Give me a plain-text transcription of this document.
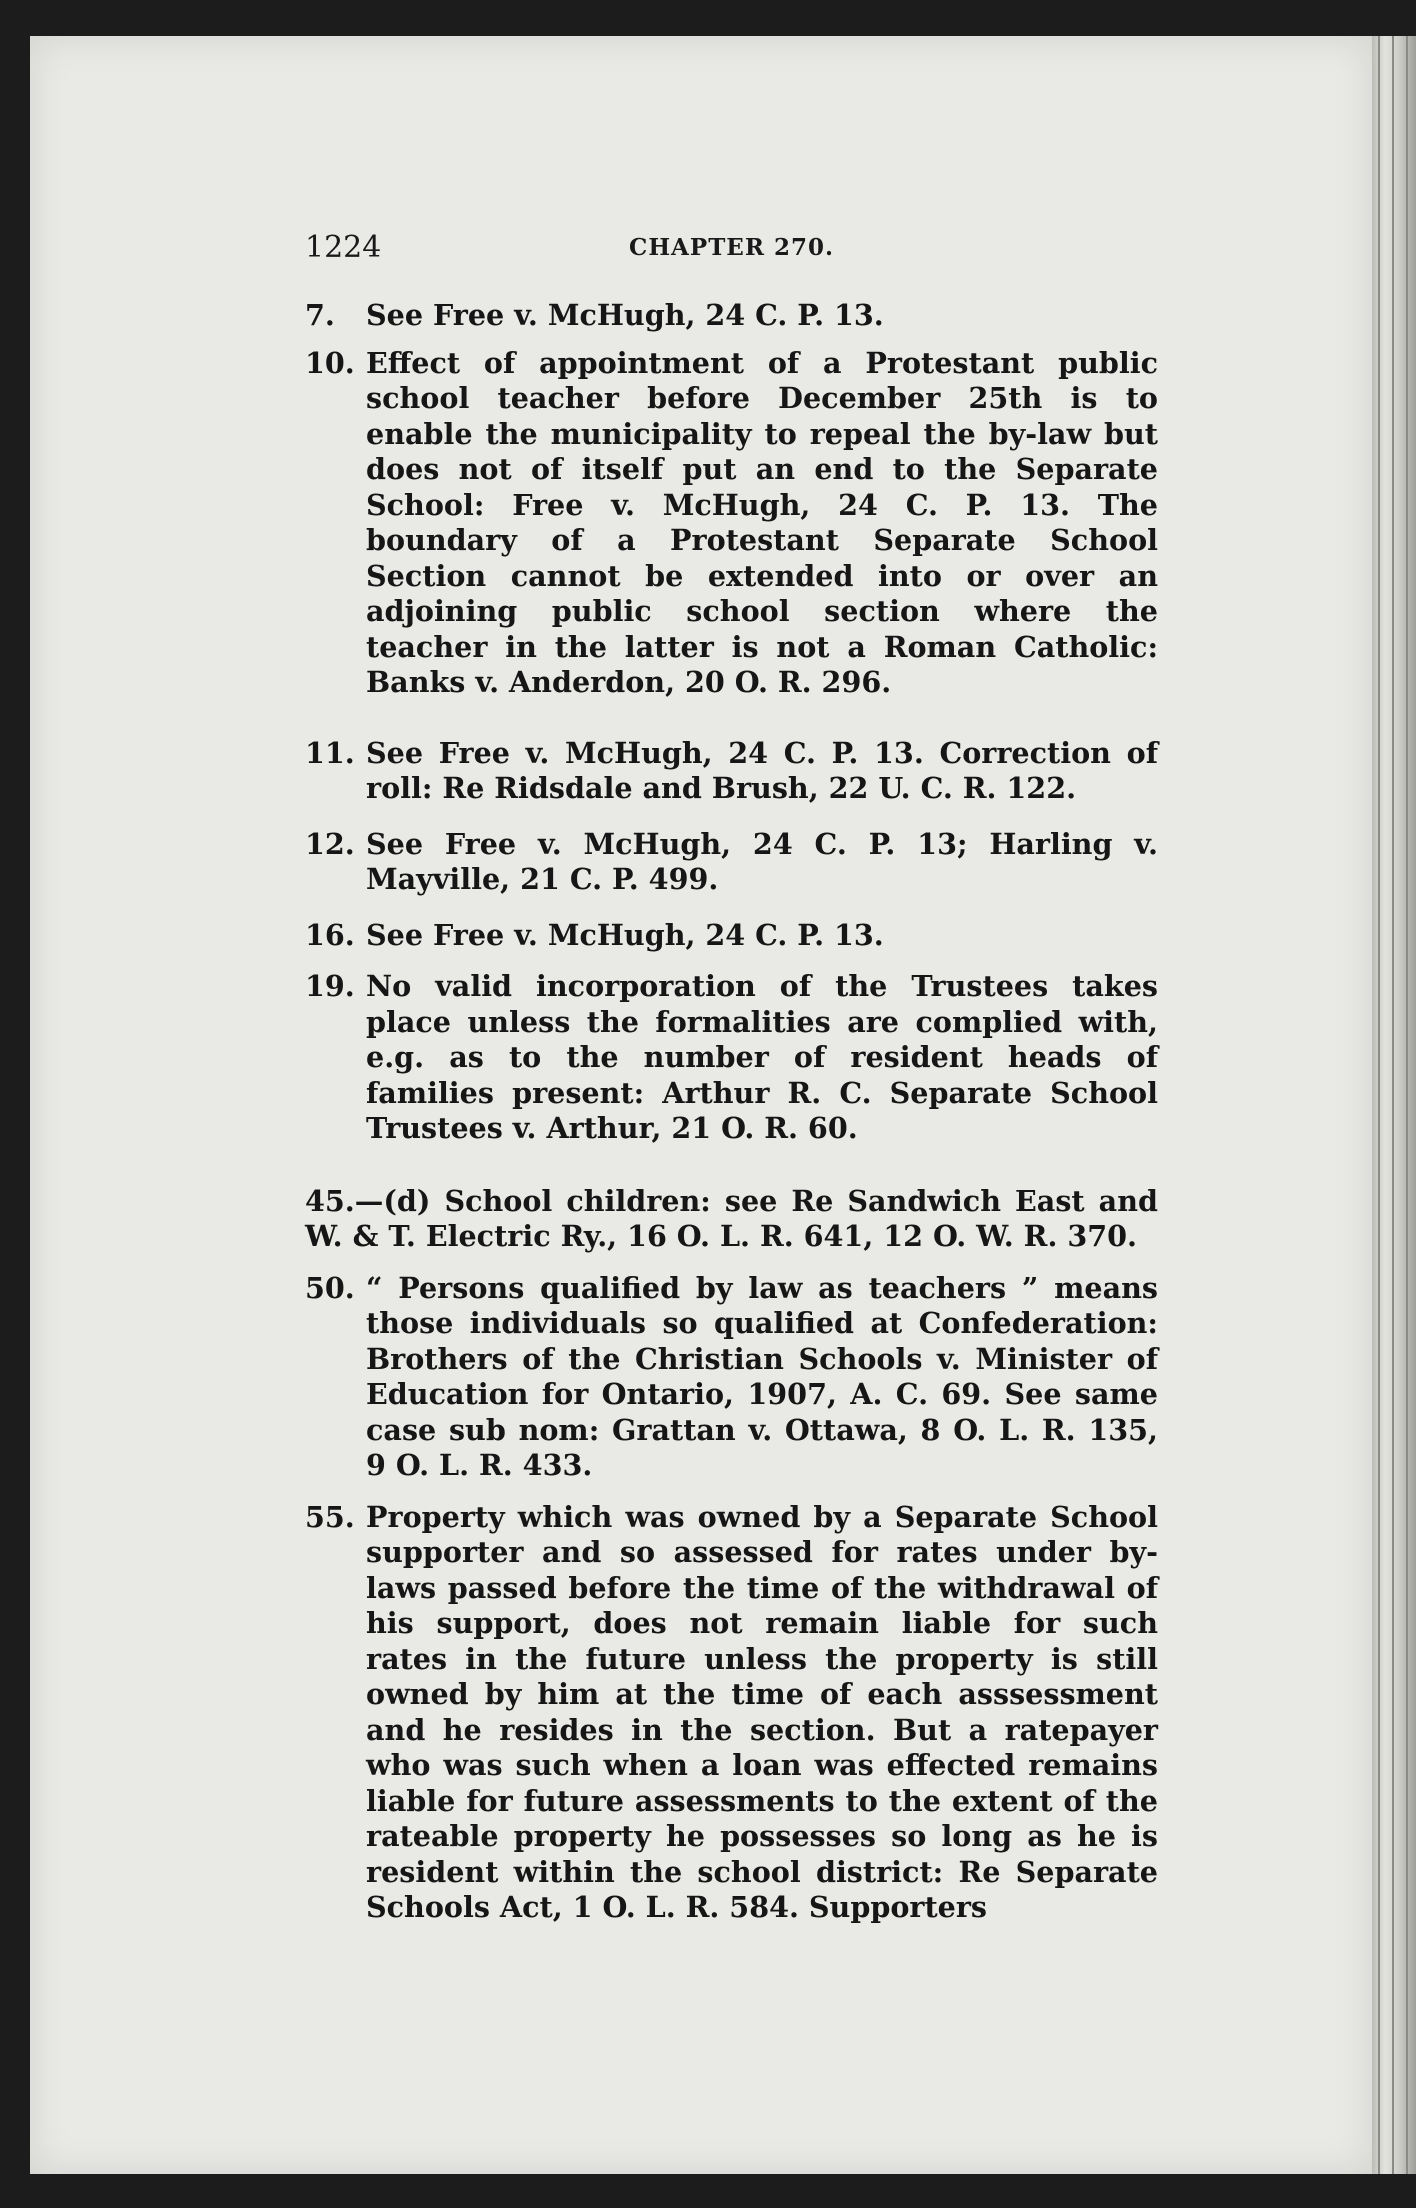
1224	CHAPTER 270.
7. See Free v. McHugh, 24 C. P. 13.
10. Effect of appointment of a Protestant public school teacher before December 25th is to enable the municipality to repeal the by-law but does not of itself put an end to the Separate School: Free v. McHugh, 24 C. P. 13. The boundary of a Protestant Separate School Section cannot be extended into or over an adjoining public school section where the teacher in the latter is not a Roman Catholic: Banks v. Anderdon, 20 O. R. 296.
11. See Free v. McHugh, 24 C. P. 13. Correction of roll: Re Ridsdale and Brush, 22 U. C. R. 122.
12. See Free v. McHugh, 24 C. P. 13; Harling v. Mayville, 21 C. P. 499.
16. See Free v. McHugh, 24 C. P. 13.
19. No valid incorporation of the Trustees takes place unless the formalities are complied with, e.g. as to the number of resident heads of families present: Arthur R. C. Separate School Trustees v. Arthur, 21 O. R. 60.
45.—(d) School children: see Re Sandwich East and W. & T. Electric Ry., 16 O. L. R. 641, 12 O. W. R. 370.
50. “ Persons qualified by law as teachers ” means those individuals so qualified at Confederation: Brothers of the Christian Schools v. Minister of Education for Ontario, 1907, A. C. 69. See same case sub nom: Grattan v. Ottawa, 8 O. L. R. 135, 9 O. L. R. 433.
55. Property which was owned by a Separate School supporter and so assessed for rates under by-laws passed before the time of the withdrawal of his support, does not remain liable for such rates in the future unless the property is still owned by him at the time of each asssessment and he resides in the section. But a ratepayer who was such when a loan was effected remains liable for future assessments to the extent of the rateable property he possesses so long as he is resident within the school district: Re Separate Schools Act, 1 O. L. R. 584. Supporters
